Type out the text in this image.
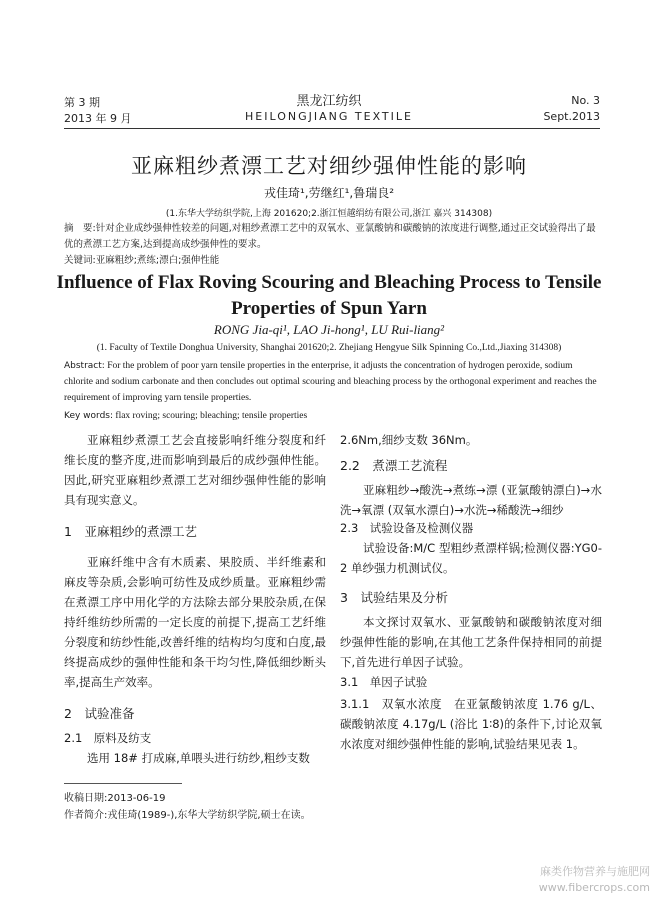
第 3 期
2013 年 9 月
黑龙江纺织
HEILONGJIANG TEXTILE
No. 3
Sept.2013
亚麻粗纱煮漂工艺对细纱强伸性能的影响
戎佳琦¹,劳继红¹,鲁瑞良²
(1.东华大学纺织学院,上海 201620;2.浙江恒越绢纺有限公司,浙江 嘉兴 314308)
摘　要:针对企业成纱强伸性较差的问题,对粗纱煮漂工艺中的双氧水、亚氯酸钠和碳酸钠的浓度进行调整,通过正交试验得出了最优的煮漂工艺方案,达到提高成纱强伸性的要求。
关键词:亚麻粗纱;煮练;漂白;强伸性能
Influence of Flax Roving Scouring and Bleaching Process to Tensile
Properties of Spun Yarn
RONG Jia-qi¹, LAO Ji-hong¹, LU Rui-liang²
(1. Faculty of Textile Donghua University, Shanghai 201620;2. Zhejiang Hengyue Silk Spinning Co.,Ltd.,Jiaxing 314308)
Abstract: For the problem of poor yarn tensile properties in the enterprise, it adjusts the concentration of hydrogen peroxide, sodium chlorite and sodium carbonate and then concludes out optimal scouring and bleaching process by the orthogonal experiment and reaches the requirement of improving yarn tensile properties.
Key words: flax roving; scouring; bleaching; tensile properties
亚麻粗纱煮漂工艺会直接影响纤维分裂度和纤维长度的整齐度,进而影响到最后的成纱强伸性能。因此,研究亚麻粗纱煮漂工艺对细纱强伸性能的影响具有现实意义。
1　亚麻粗纱的煮漂工艺
亚麻纤维中含有木质素、果胶质、半纤维素和麻皮等杂质,会影响可纺性及成纱质量。亚麻粗纱需在煮漂工序中用化学的方法除去部分果胶杂质,在保持纤维纺纱所需的一定长度的前提下,提高工艺纤维分裂度和纺纱性能,改善纤维的结构均匀度和白度,最终提高成纱的强伸性能和条干均匀性,降低细纱断头率,提高生产效率。
2　试验准备
2.1　原料及纺支
选用 18# 打成麻,单喂头进行纺纱,粗纱支数
2.6Nm,细纱支数 36Nm。
2.2　煮漂工艺流程
亚麻粗纱→酸洗→煮练→漂 (亚氯酸钠漂白)→水洗→氧漂 (双氧水漂白)→水洗→稀酸洗→细纱
2.3　试验设备及检测仪器
试验设备:M/C 型粗纱煮漂样锅;检测仪器:YG0-2 单纱强力机测试仪。
3　试验结果及分析
本文探讨双氧水、亚氯酸钠和碳酸钠浓度对细纱强伸性能的影响,在其他工艺条件保持相同的前提下,首先进行单因子试验。
3.1　单因子试验
3.1.1　双氧水浓度　在亚氯酸钠浓度 1.76 g/L、碳酸钠浓度 4.17g/L (浴比 1∶8)的条件下,讨论双氧水浓度对细纱强伸性能的影响,试验结果见表 1。
收稿日期:2013-06-19
作者简介:戎佳琦(1989-),东华大学纺织学院,硕士在读。
麻类作物营养与施肥网
www.fibercrops.com
